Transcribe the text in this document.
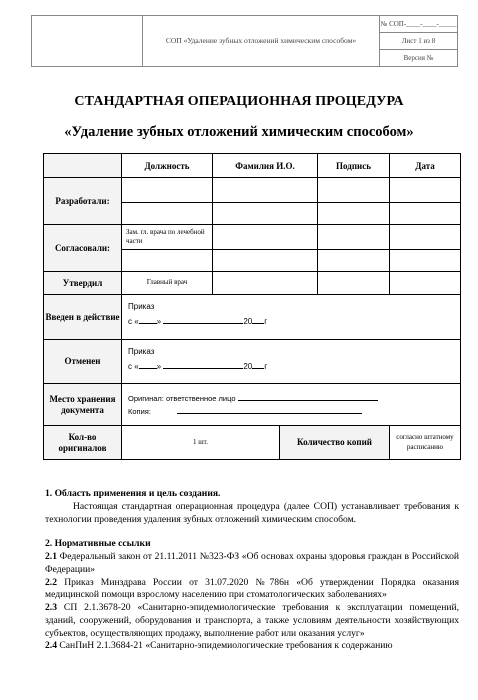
СОП «Удаление зубных отложений химическим способом»
№ СОП-____-____-_____
Лист 1 из 8
Версия №
СТАНДАРТНАЯ ОПЕРАЦИОННАЯ ПРОЦЕДУРА
«Удаление зубных отложений химическим способом»
	Должность	Фамилия И.О.		Подпись	Дата
Разработали:					

Согласовали:	Зам. гл. врача по лечебной части				

Утвердил	Главный врач				
Введен в действие	Приказ
с « » 20 г				

Отменен	Приказ
с « » 20 г				

Место хранения документа	Оригинал: ответственное лицо
Копия:				

Кол-во оригиналов	1 шт.		Количество копий		согласно штатному расписанию

1. Область применения и цель создания.

Настоящая стандартная операционная процедура (далее СОП) устанавливает требования к технологии проведения удаления зубных отложений химическим способом.

2. Нормативные ссылки

2.1 Федеральный закон от 21.11.2011 №323-ФЗ «Об основах охраны здоровья граждан в Российской Федерации»

2.2 Приказ Минздрава России от 31.07.2020 №786н «Об утверждении Порядка оказания медицинской помощи взрослому населению при стоматологических заболеваниях»

2.3 СП 2.1.3678-20 «Санитарно-эпидемиологические требования к эксплуатации помещений, зданий, сооружений, оборудования и транспорта, а также условиям деятельности хозяйствующих субъектов, осуществляющих продажу, выполнение работ или оказания услуг»

2.4 СанПиН 2.1.3684-21 «Санитарно-эпидемиологические требования к содержанию
